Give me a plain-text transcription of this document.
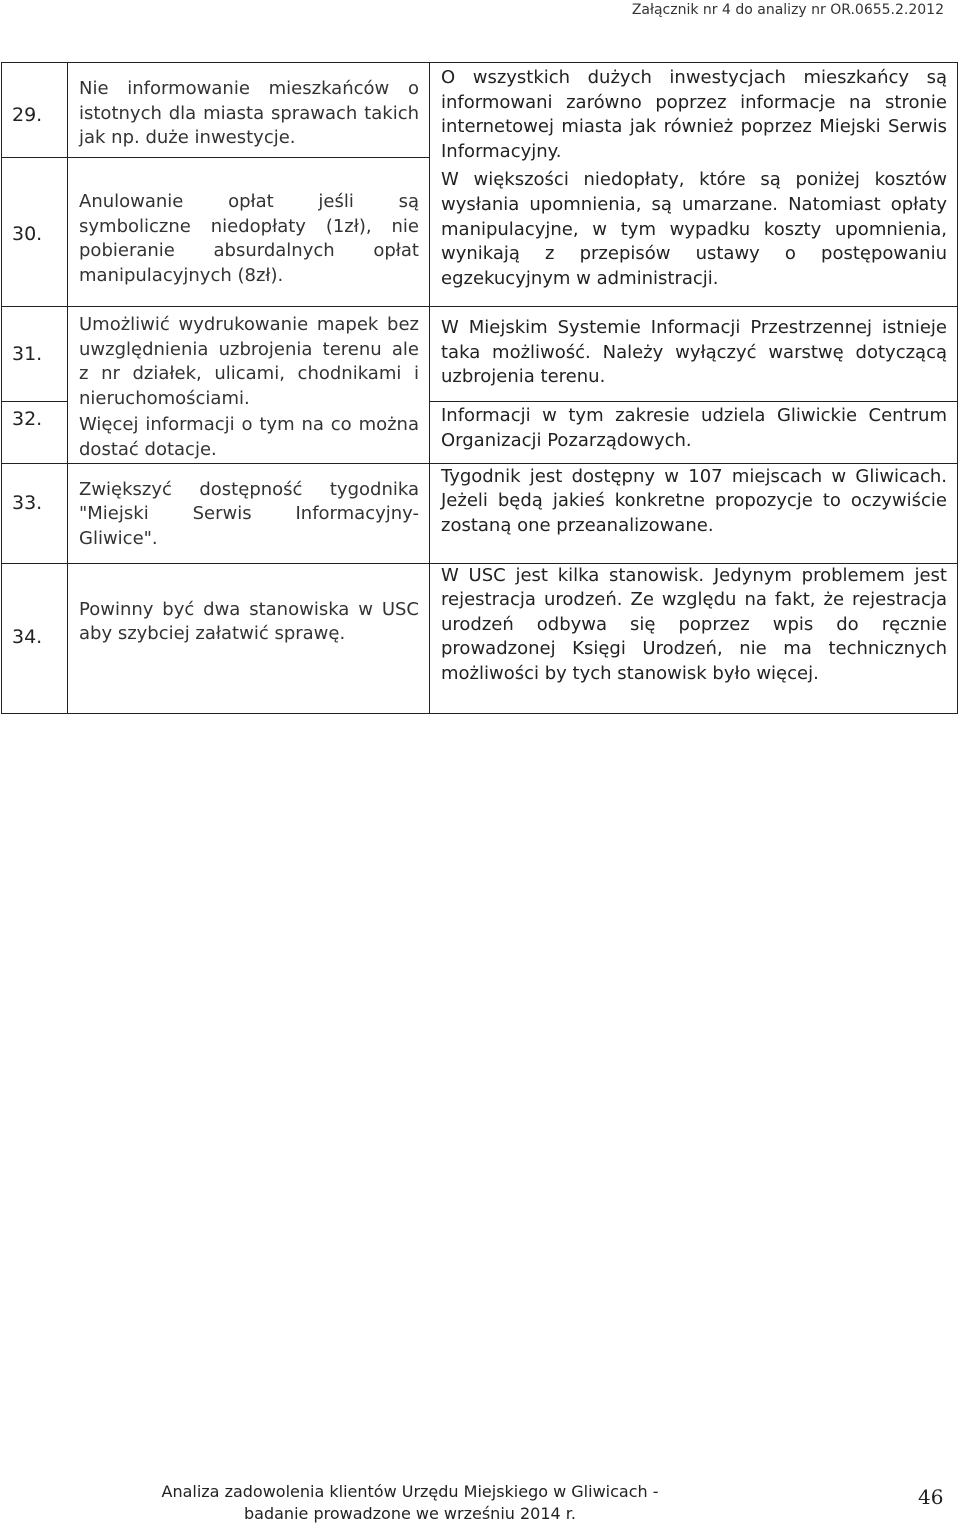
Załącznik nr 4 do analizy nr OR.0655.2.2012
29.	Nie informowanie mieszkańców o istotnych dla miasta sprawach takich jak np. duże inwestycje.	O wszystkich dużych inwestycjach mieszkańcy są informowani zarówno poprzez informacje na stronie internetowej miasta jak również poprzez Miejski Serwis Informacyjny.
W większości niedopłaty, które są poniżej kosztów wysłania upomnienia, są umarzane. Natomiast opłaty manipulacyjne, w tym wypadku koszty upomnienia, wynikają z przepisów ustawy o postępowaniu egzekucyjnym w administracji.

30.	Anulowanie opłat jeśli są symboliczne niedopłaty (1zł), nie pobieranie absurdalnych opłat manipulacyjnych (8zł).	

31.	Umożliwić wydrukowanie mapek bez uwzględnienia uzbrojenia terenu ale z nr działek, ulicami, chodnikami i nieruchomościami.
Więcej informacji o tym na co można dostać dotacje.	W Miejskim Systemie Informacji Przestrzennej istnieje taka możliwość. Należy wyłączyć warstwę dotyczącą uzbrojenia terenu.

32.		Informacji w tym zakresie udziela Gliwickie Centrum Organizacji Pozarządowych.

33.	Zwiększyć dostępność tygodnika "Miejski Serwis Informacyjny-Gliwice".	Tygodnik jest dostępny w 107 miejscach w Gliwicach. Jeżeli będą jakieś konkretne propozycje to oczywiście zostaną one przeanalizowane.

34.	Powinny być dwa stanowiska w USC aby szybciej załatwić sprawę.	W USC jest kilka stanowisk. Jedynym problemem jest rejestracja urodzeń. Ze względu na fakt, że rejestracja urodzeń odbywa się poprzez wpis do ręcznie prowadzonej Księgi Urodzeń, nie ma technicznych możliwości by tych stanowisk było więcej.
Analiza zadowolenia klientów Urzędu Miejskiego w Gliwicach -
badanie prowadzone we wrześniu 2014 r.
46
